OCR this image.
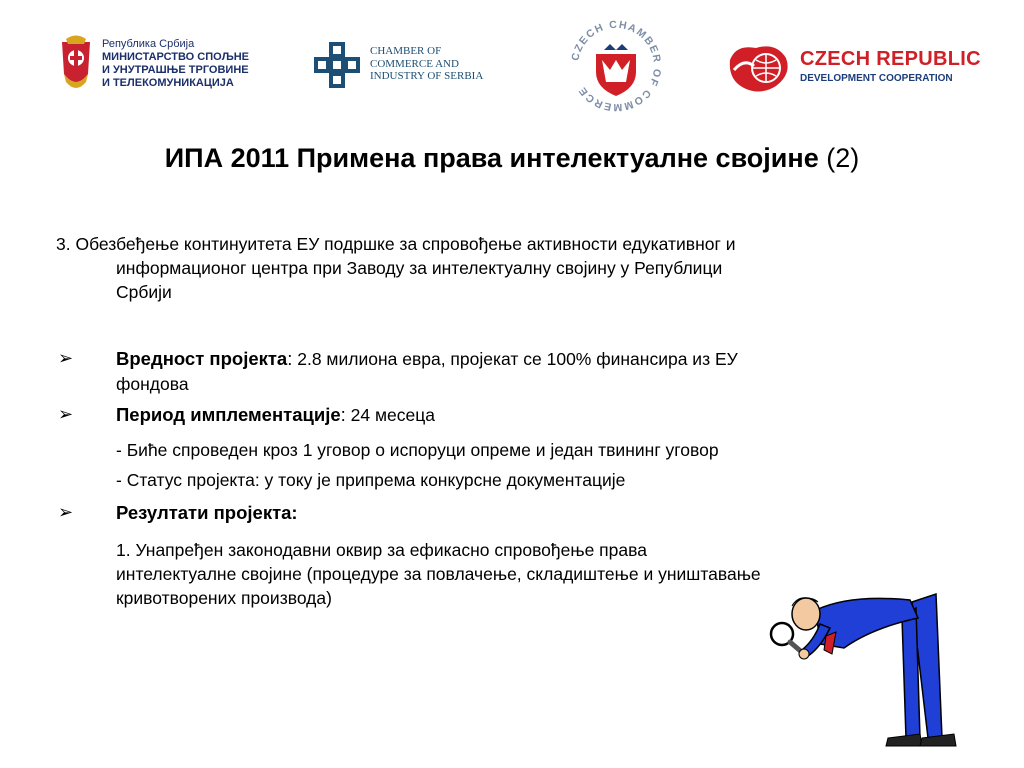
Република Србија
МИНИСТАРСТВО СПОЉНЕ
И УНУТРАШЊЕ ТРГОВИНЕ
И ТЕЛЕКОМУНИКАЦИЈА
CHAMBER OF
COMMERCE AND
INDUSTRY OF SERBIA
CZECH CHAMBER OF COMMERCE
CZECH REPUBLIC
DEVELOPMENT COOPERATION
ИПА 2011 Примена права интелектуалне својине (2)
3. Обезбеђење континуитета ЕУ подршке за спровођење активности едукативног и
информационог центра при Заводу за интелектуалну својину у Републици
Србији
➢ Вредност пројекта: 2.8 милиона евра, пројекат се 100% финансира из ЕУ
фондова
➢ Период имплементације: 24 месеца
- Биће спроведен кроз 1 уговор о испоруци опреме и један твининг уговор
- Статус пројекта: у току је припрема конкурсне документације
➢ Резултати пројекта:
1. Унапређен законодавни оквир за ефикасно спровођење права
интелектуалне својине (процедуре за повлачење, складиштење и уништавање
кривотворених производа)
